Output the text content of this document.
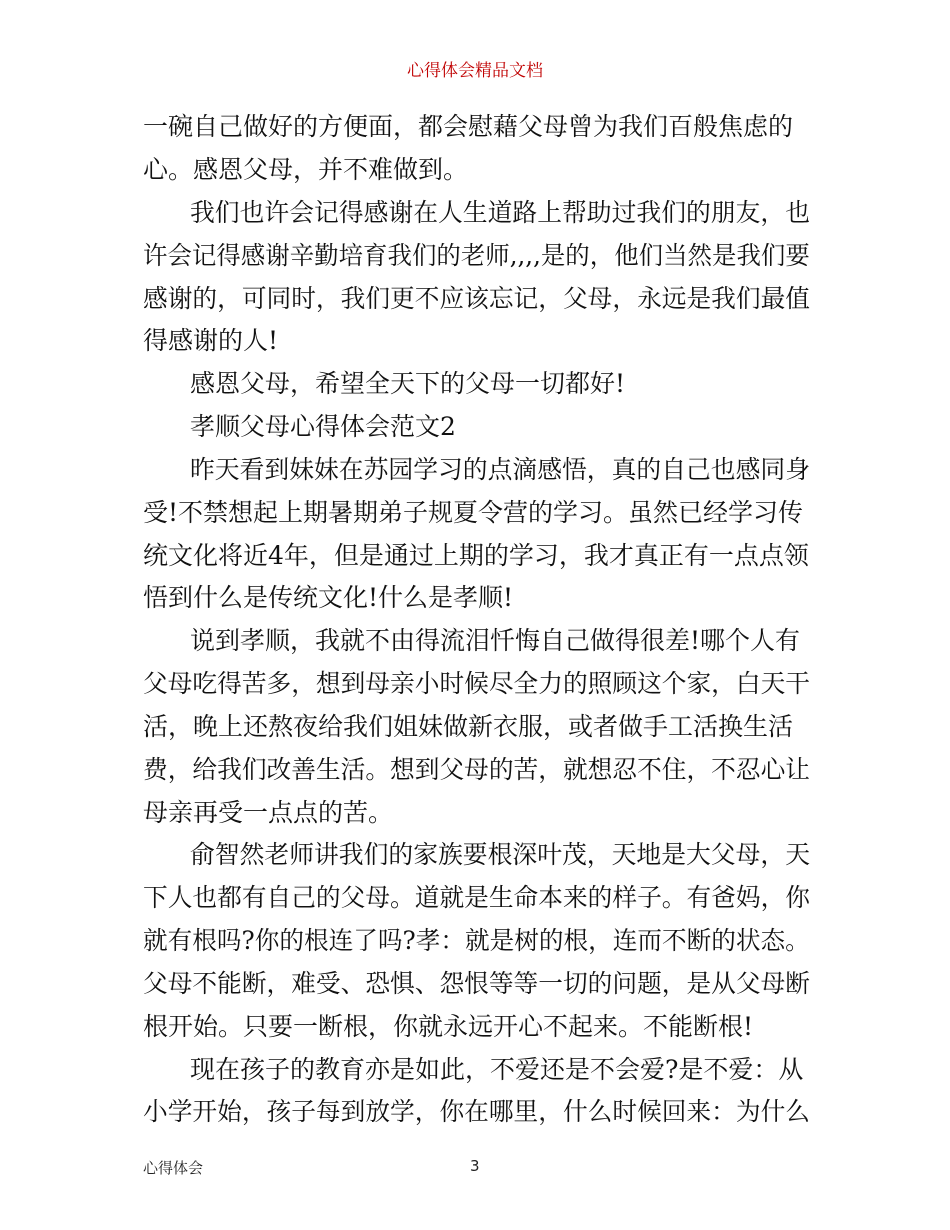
心得体会精品文档
一碗自己做好的方便面，都会慰藉父母曾为我们百般焦虑的
心。感恩父母，并不难做到。
我们也许会记得感谢在人生道路上帮助过我们的朋友，也
许会记得感谢辛勤培育我们的老师,,,,是的，他们当然是我们要
感谢的，可同时，我们更不应该忘记，父母，永远是我们最值
得感谢的人!
感恩父母，希望全天下的父母一切都好!
孝顺父母心得体会范文2
昨天看到妹妹在苏园学习的点滴感悟，真的自己也感同身
受!不禁想起上期暑期弟子规夏令营的学习。虽然已经学习传
统文化将近4年，但是通过上期的学习，我才真正有一点点领
悟到什么是传统文化!什么是孝顺!
说到孝顺，我就不由得流泪忏悔自己做得很差!哪个人有
父母吃得苦多，想到母亲小时候尽全力的照顾这个家，白天干
活，晚上还熬夜给我们姐妹做新衣服，或者做手工活换生活
费，给我们改善生活。想到父母的苦，就想忍不住，不忍心让
母亲再受一点点的苦。
俞智然老师讲我们的家族要根深叶茂，天地是大父母，天
下人也都有自己的父母。道就是生命本来的样子。有爸妈，你
就有根吗?你的根连了吗?孝：就是树的根，连而不断的状态。
父母不能断，难受、恐惧、怨恨等等一切的问题，是从父母断
根开始。只要一断根，你就永远开心不起来。不能断根!
现在孩子的教育亦是如此，不爱还是不会爱?是不爱：从
小学开始，孩子每到放学，你在哪里，什么时候回来：为什么
心得体会	3
